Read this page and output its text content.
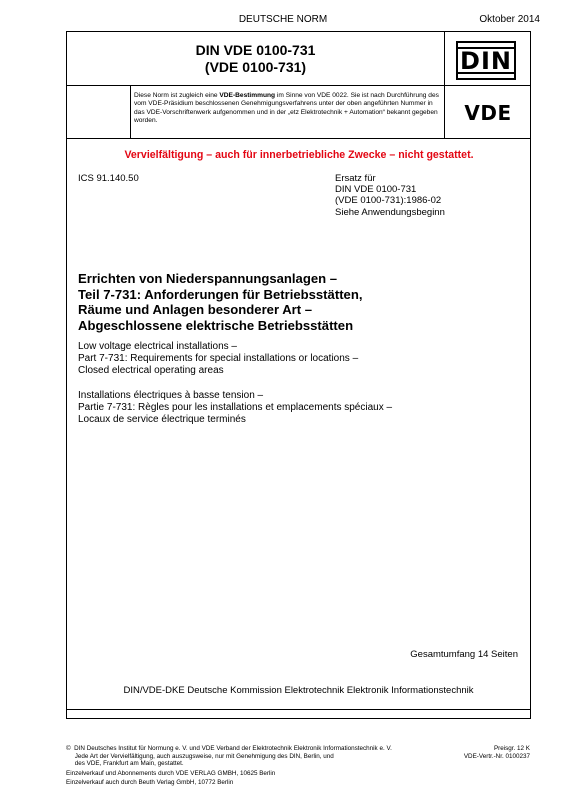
DEUTSCHE NORM	Oktober 2014
DIN VDE 0100-731
(VDE 0100-731)	DIN
Diese Norm ist zugleich eine VDE-Bestimmung im Sinne von VDE 0022. Sie ist nach Durchführung des vom VDE-Präsidium beschlossenen Genehmigungsverfahrens unter der oben angeführten Nummer in das VDE-Vorschriftenwerk aufgenommen und in der „etz Elektrotechnik + Automation“ bekannt gegeben worden.	VDE
Vervielfältigung – auch für innerbetriebliche Zwecke – nicht gestattet.
ICS 91.140.50	Ersatz für
DIN VDE 0100-731
(VDE 0100-731):1986-02
Siehe Anwendungsbeginn
Errichten von Niederspannungsanlagen –
Teil 7-731: Anforderungen für Betriebsstätten,
Räume und Anlagen besonderer Art –
Abgeschlossene elektrische Betriebsstätten
Low voltage electrical installations –
Part 7-731: Requirements for special installations or locations –
Closed electrical operating areas
Installations électriques à basse tension –
Partie 7-731: Règles pour les installations et emplacements spéciaux –
Locaux de service électrique terminés
Gesamtumfang 14 Seiten
DIN/VDE-DKE Deutsche Kommission Elektrotechnik Elektronik Informationstechnik
©  DIN Deutsches Institut für Normung e. V. und VDE Verband der Elektrotechnik Elektronik Informationstechnik e. V.
Jede Art der Vervielfältigung, auch auszugsweise, nur mit Genehmigung des DIN, Berlin, und
des VDE, Frankfurt am Main, gestattet.
Preisgr. 12 K
VDE-Vertr.-Nr. 0100237
Einzelverkauf und Abonnements durch VDE VERLAG GMBH, 10625 Berlin
Einzelverkauf auch durch Beuth Verlag GmbH, 10772 Berlin
